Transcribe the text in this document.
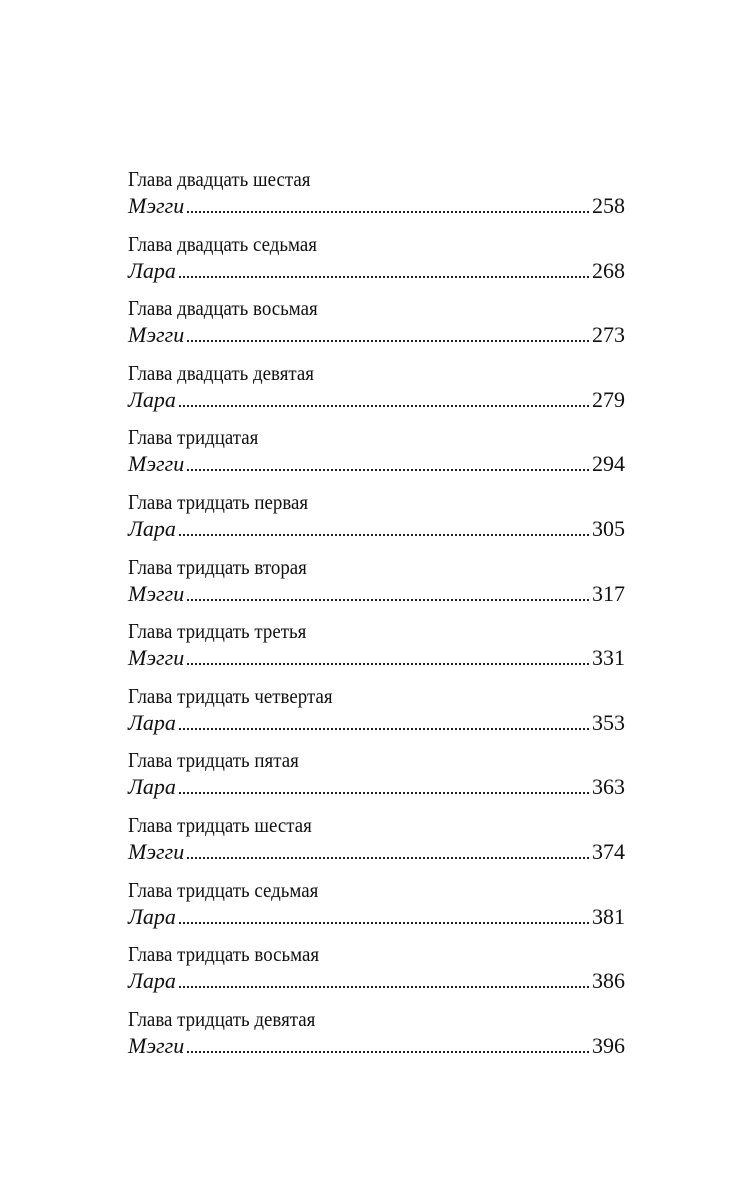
Глава двадцать шестая
Мэгги	258
Глава двадцать седьмая
Лара	268
Глава двадцать восьмая
Мэгги	273
Глава двадцать девятая
Лара	279
Глава тридцатая
Мэгги	294
Глава тридцать первая
Лара	305
Глава тридцать вторая
Мэгги	317
Глава тридцать третья
Мэгги	331
Глава тридцать четвертая
Лара	353
Глава тридцать пятая
Лара	363
Глава тридцать шестая
Мэгги	374
Глава тридцать седьмая
Лара	381
Глава тридцать восьмая
Лара	386
Глава тридцать девятая
Мэгги	396
